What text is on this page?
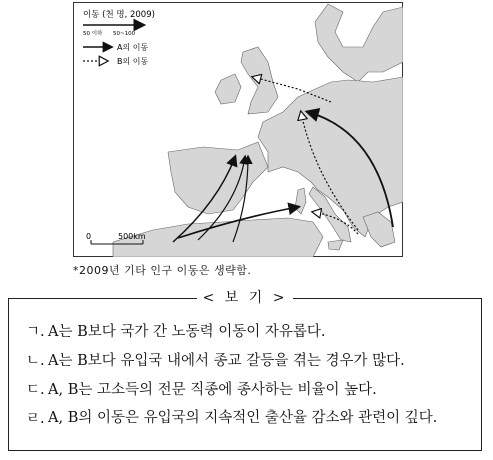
이동 (천 명, 2009)
50 이하 50~100
A의 이동
B의 이동
0	500km
*2009년 기타 인구 이동은 생략함.
< 보 기 >
ㄱ. A는 B보다 국가 간 노동력 이동이 자유롭다.
ㄴ. A는 B보다 유입국 내에서 종교 갈등을 겪는 경우가 많다.
ㄷ. A, B는 고소득의 전문 직종에 종사하는 비율이 높다.
ㄹ. A, B의 이동은 유입국의 지속적인 출산율 감소와 관련이 깊다.
